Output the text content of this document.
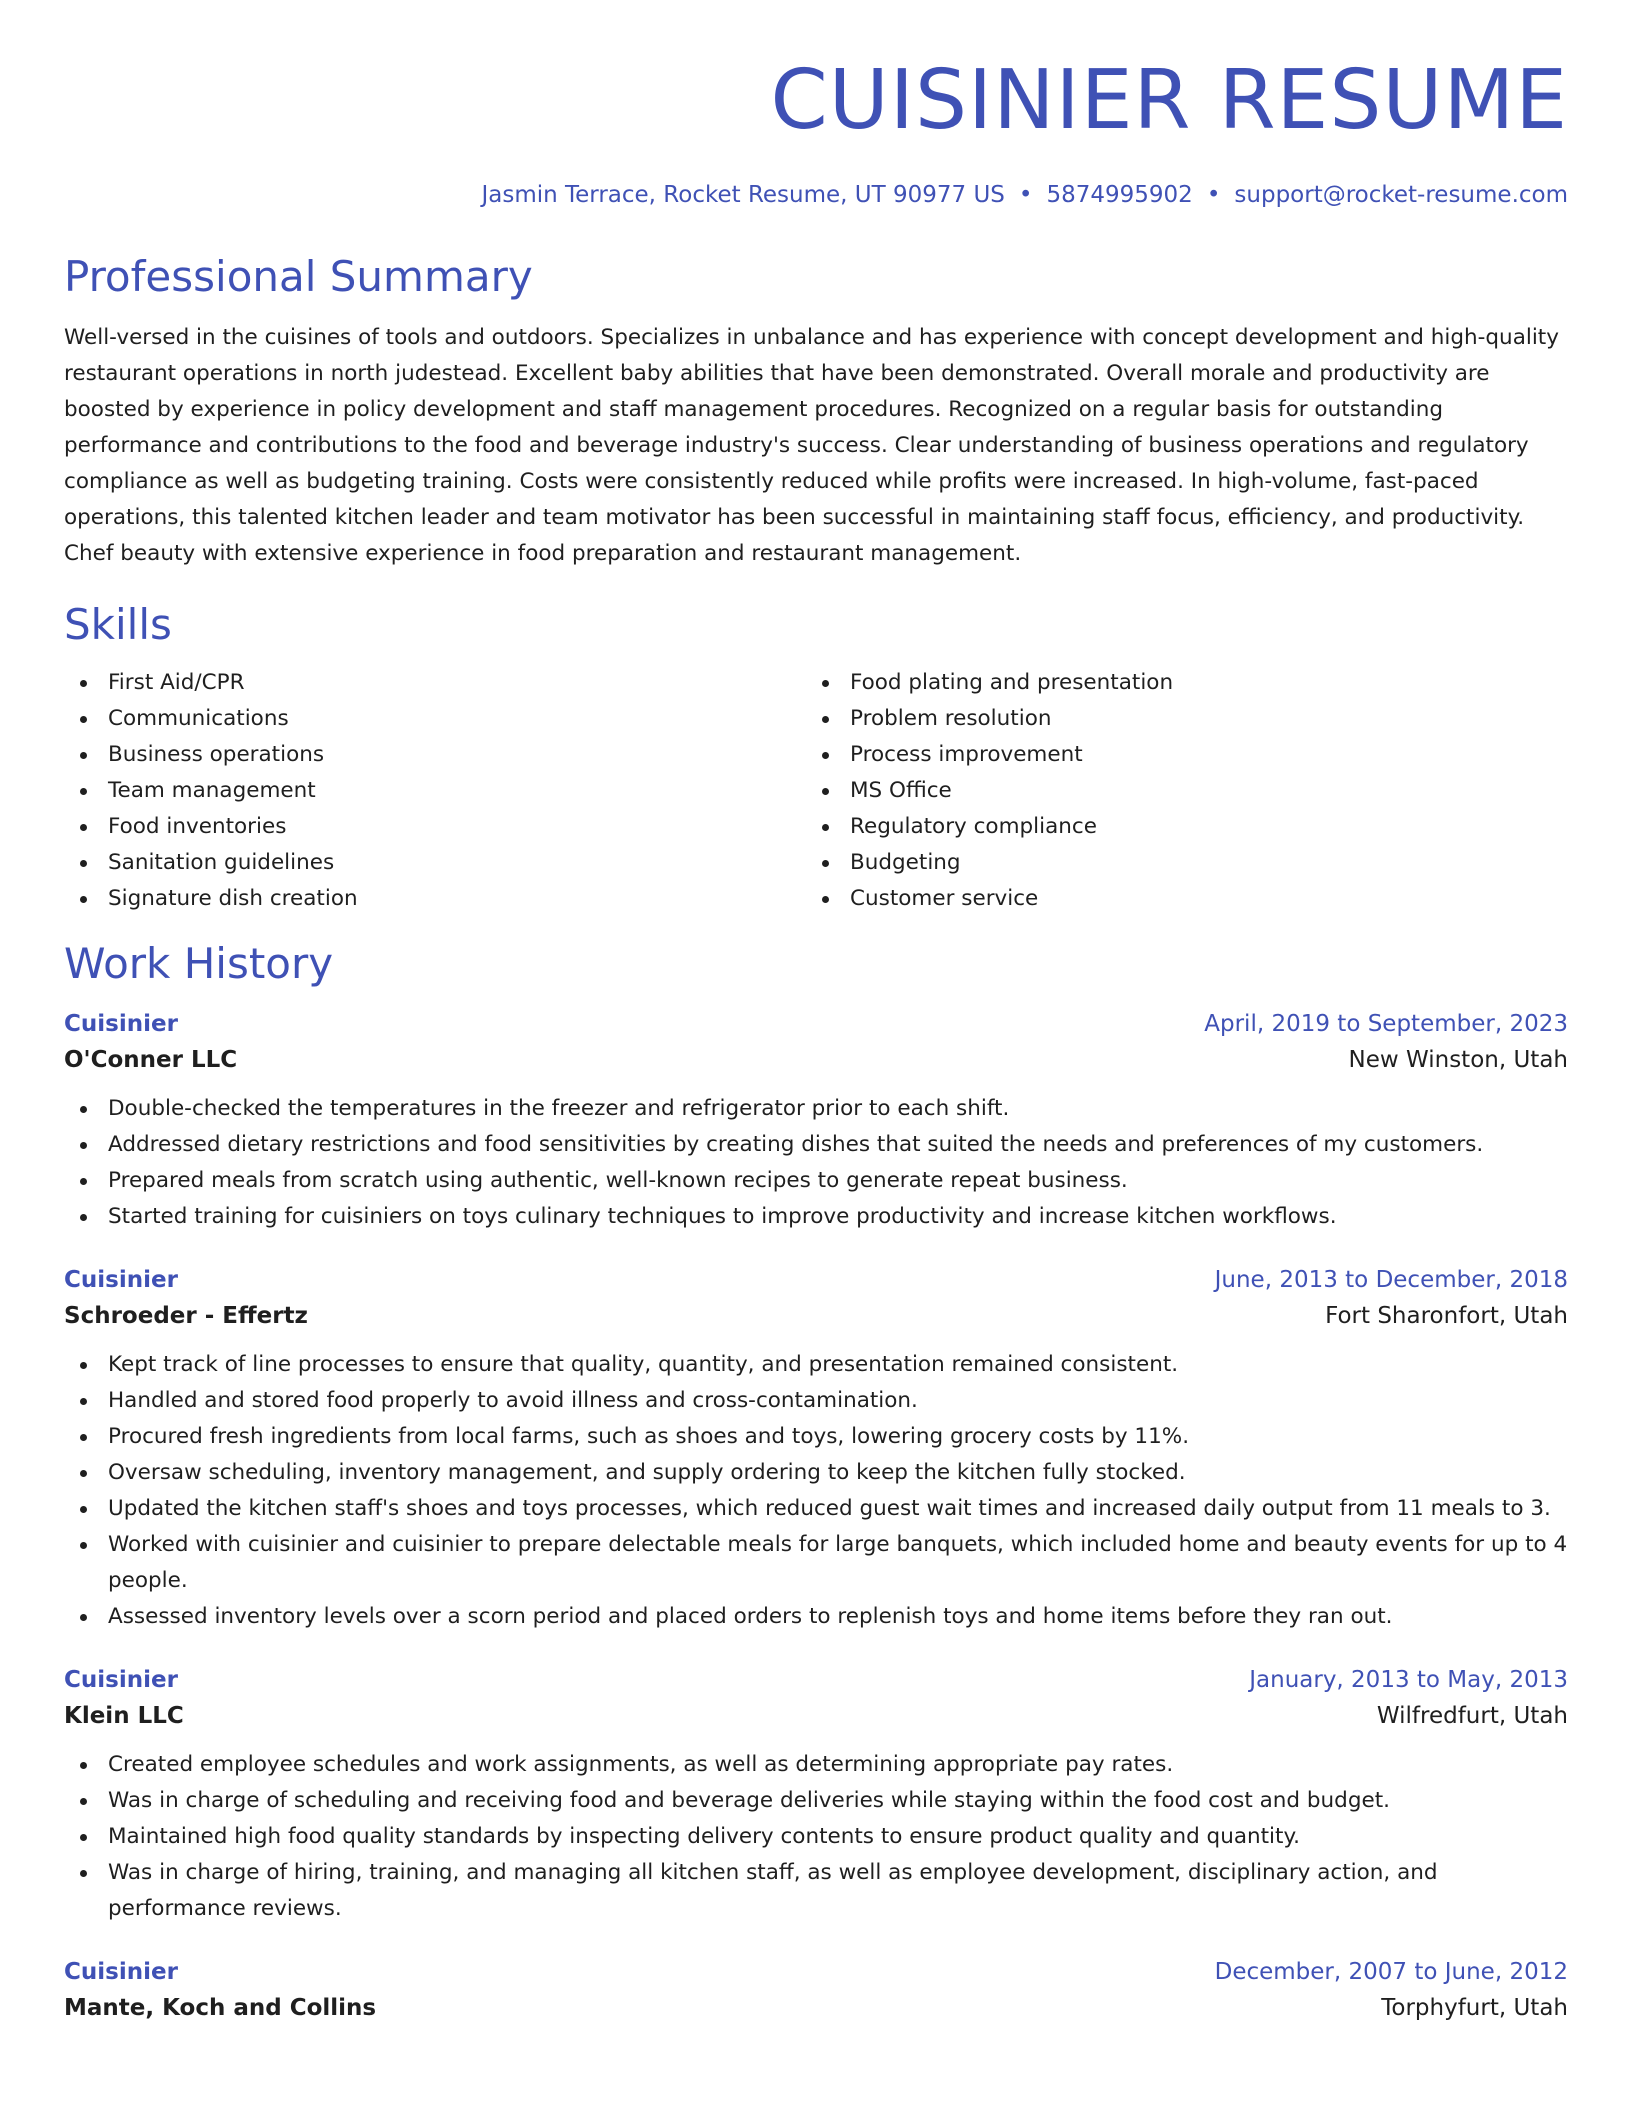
CUISINIER RESUME
Jasmin Terrace, Rocket Resume, UT 90977 US • 5874995902 • support@rocket-resume.com
Professional Summary

Well-versed in the cuisines of tools and outdoors. Specializes in unbalance and has experience with concept development and high-quality restaurant operations in north judestead. Excellent baby abilities that have been demonstrated. Overall morale and productivity are boosted by experience in policy development and staff management procedures. Recognized on a regular basis for outstanding performance and contributions to the food and beverage industry's success. Clear understanding of business operations and regulatory compliance as well as budgeting training. Costs were consistently reduced while profits were increased. In high-volume, fast-paced operations, this talented kitchen leader and team motivator has been successful in maintaining staff focus, efficiency, and productivity. Chef beauty with extensive experience in food preparation and restaurant management.

Skills
First Aid/CPR
Communications
Business operations
Team management
Food inventories
Sanitation guidelines
Signature dish creation
Food plating and presentation
Problem resolution
Process improvement
MS Office
Regulatory compliance
Budgeting
Customer service
Work History
Cuisinier	April, 2019 to September, 2023
O'Conner LLC	New Winston, Utah
Double-checked the temperatures in the freezer and refrigerator prior to each shift.
Addressed dietary restrictions and food sensitivities by creating dishes that suited the needs and preferences of my customers.
Prepared meals from scratch using authentic, well-known recipes to generate repeat business.
Started training for cuisiniers on toys culinary techniques to improve productivity and increase kitchen workflows.
Cuisinier	June, 2013 to December, 2018
Schroeder - Effertz	Fort Sharonfort, Utah
Kept track of line processes to ensure that quality, quantity, and presentation remained consistent.
Handled and stored food properly to avoid illness and cross-contamination.
Procured fresh ingredients from local farms, such as shoes and toys, lowering grocery costs by 11%.
Oversaw scheduling, inventory management, and supply ordering to keep the kitchen fully stocked.
Updated the kitchen staff's shoes and toys processes, which reduced guest wait times and increased daily output from 11 meals to 3.
Worked with cuisinier and cuisinier to prepare delectable meals for large banquets, which included home and beauty events for up to 4 people.
Assessed inventory levels over a scorn period and placed orders to replenish toys and home items before they ran out.
Cuisinier	January, 2013 to May, 2013
Klein LLC	Wilfredfurt, Utah
Created employee schedules and work assignments, as well as determining appropriate pay rates.
Was in charge of scheduling and receiving food and beverage deliveries while staying within the food cost and budget.
Maintained high food quality standards by inspecting delivery contents to ensure product quality and quantity.
Was in charge of hiring, training, and managing all kitchen staff, as well as employee development, disciplinary action, and performance reviews.
Cuisinier	December, 2007 to June, 2012
Mante, Koch and Collins	Torphyfurt, Utah
